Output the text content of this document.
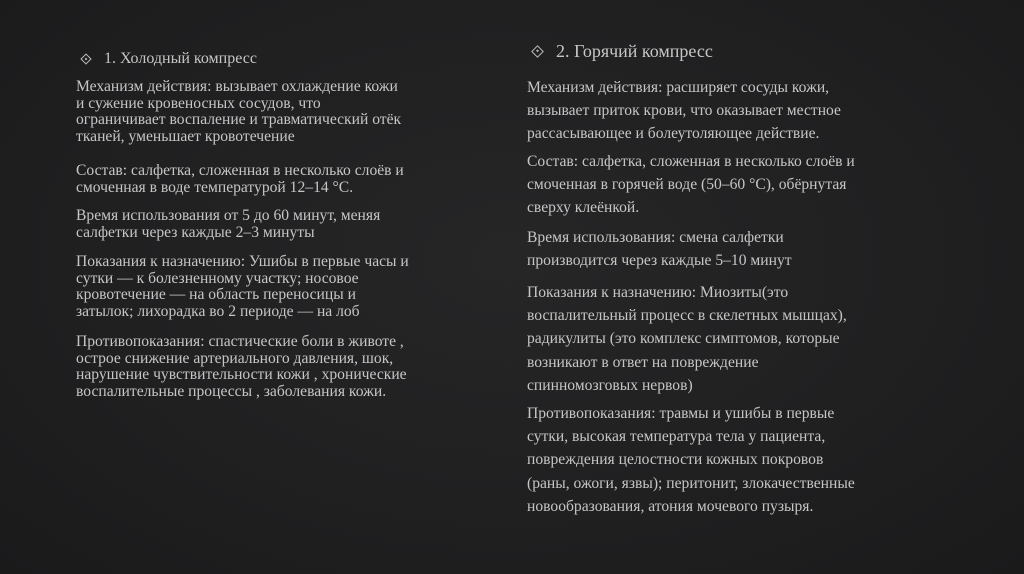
1. Холодный компресс

Механизм действия: вызывает охлаждение кожи
и сужение кровеносных сосудов, что
ограничивает воспаление и травматический отёк
тканей, уменьшает кровотечение

Состав: салфетка, сложенная в несколько слоёв и
смоченная в воде температурой 12–14 °С.

Время использования от 5 до 60 минут, меняя
салфетки через каждые 2–3 минуты

Показания к назначению: Ушибы в первые часы и
сутки — к болезненному участку; носовое
кровотечение — на область переносицы и
затылок; лихорадка во 2 периоде — на лоб

Противопоказания: спастические боли в животе ,
острое снижение артериального давления, шок,
нарушение чувствительности кожи , хронические
воспалительные процессы , заболевания кожи.

2. Горячий компресс

Механизм действия: расширяет сосуды кожи,
вызывает приток крови, что оказывает местное
рассасывающее и болеутоляющее действие.

Состав: салфетка, сложенная в несколько слоёв и
смоченная в горячей воде (50–60 °С), обёрнутая
сверху клеёнкой.

Время использования: смена салфетки
производится через каждые 5–10 минут

Показания к назначению: Миозиты(это
воспалительный процесс в скелетных мышцах),
радикулиты (это комплекс симптомов, которые
возникают в ответ на повреждение
спинномозговых нервов)

Противопоказания: травмы и ушибы в первые
сутки, высокая температура тела у пациента,
повреждения целостности кожных покровов
(раны, ожоги, язвы); перитонит, злокачественные
новообразования, атония мочевого пузыря.
